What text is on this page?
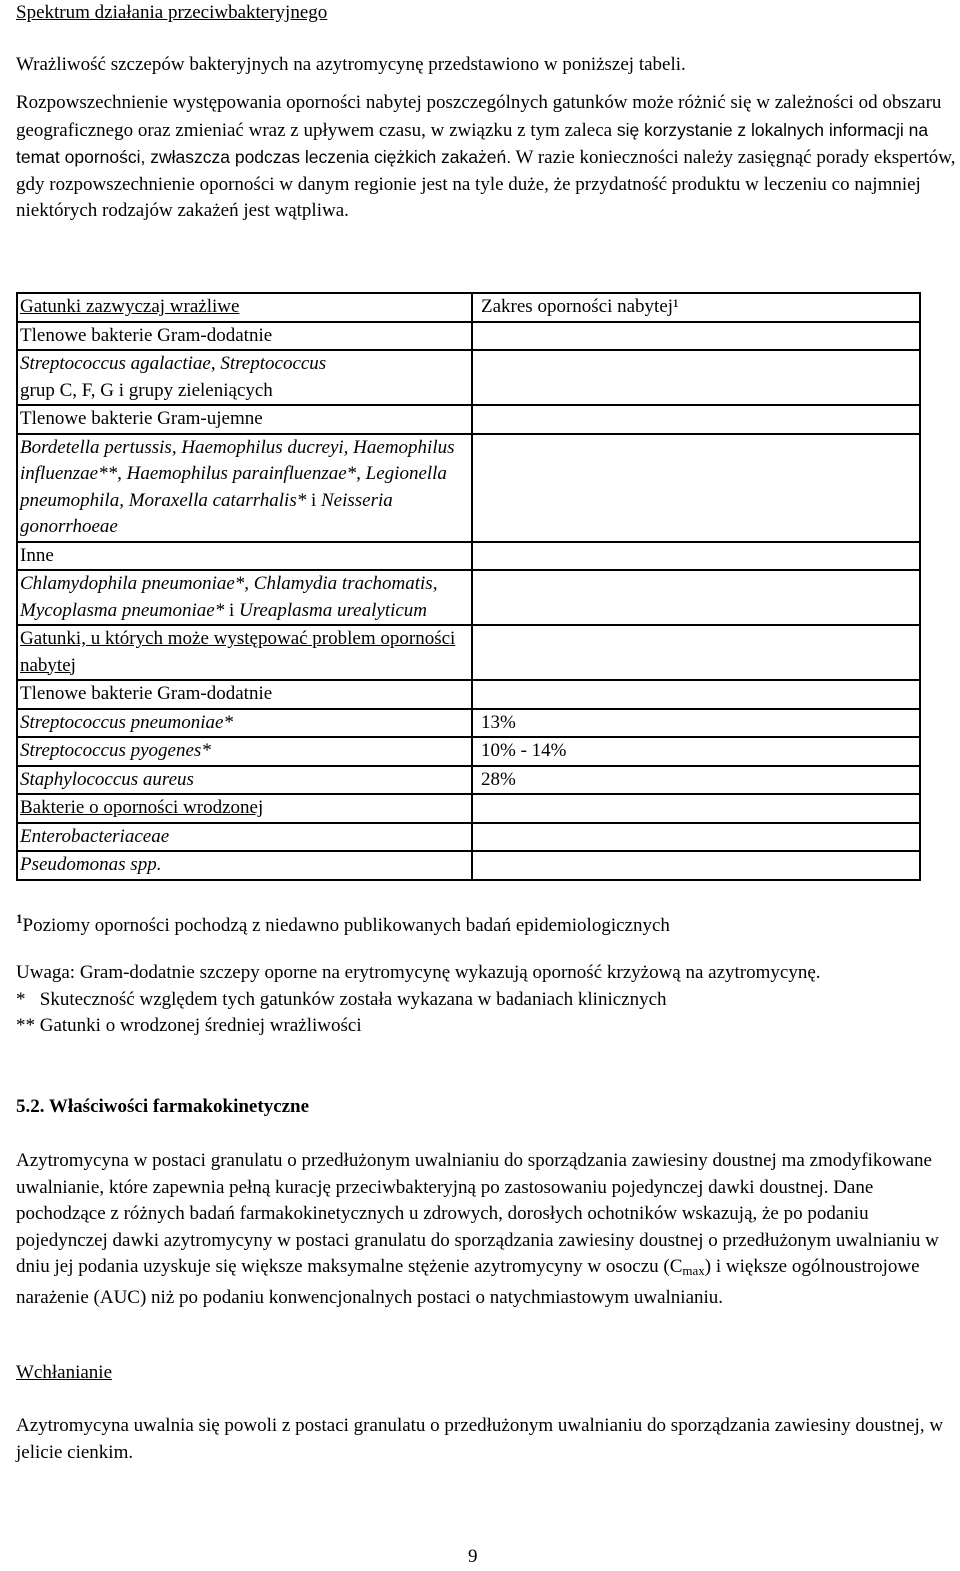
Spektrum działania przeciwbakteryjnego

Wrażliwość szczepów bakteryjnych na azytromycynę przedstawiono w poniższej tabeli.

Rozpowszechnienie występowania oporności nabytej poszczególnych gatunków może różnić się w zależności od obszaru geograficznego oraz zmieniać wraz z upływem czasu, w związku z tym zaleca się korzystanie z lokalnych informacji na temat oporności, zwłaszcza podczas leczenia ciężkich zakażeń. W razie konieczności należy zasięgnąć porady ekspertów, gdy rozpowszechnienie oporności w danym regionie jest na tyle duże, że przydatność produktu w leczeniu co najmniej niektórych rodzajów zakażeń jest wątpliwa.

Gatunki zazwyczaj wrażliwe	Zakres oporności nabytej¹
Tlenowe bakterie Gram-dodatnie	
Streptococcus agalactiae, Streptococcus
grup C, F, G i grupy zieleniących	
Tlenowe bakterie Gram-ujemne	
Bordetella pertussis, Haemophilus ducreyi, Haemophilus influenzae**, Haemophilus parainfluenzae*, Legionella pneumophila, Moraxella catarrhalis* i Neisseria gonorrhoeae	
Inne	
Chlamydophila pneumoniae*, Chlamydia trachomatis, Mycoplasma pneumoniae* i Ureaplasma urealyticum	
Gatunki, u których może występować problem oporności nabytej	
Tlenowe bakterie Gram-dodatnie	
Streptococcus pneumoniae*	13%
Streptococcus pyogenes*	10% - 14%
Staphylococcus aureus	28%
Bakterie o oporności wrodzonej	
Enterobacteriaceae	
Pseudomonas spp.	

$^1$Poziomy oporności pochodzą z niedawno publikowanych badań epidemiologicznych

Uwaga: Gram-dodatnie szczepy oporne na erytromycynę wykazują oporność krzyżową na azytromycynę.

*   Skuteczność względem tych gatunków została wykazana w badaniach klinicznych

** Gatunki o wrodzonej średniej wrażliwości

5.2. Właściwości farmakokinetyczne

Azytromycyna w postaci granulatu o przedłużonym uwalnianiu do sporządzania zawiesiny doustnej ma zmodyfikowane uwalnianie, które zapewnia pełną kurację przeciwbakteryjną po zastosowaniu pojedynczej dawki doustnej. Dane pochodzące z różnych badań farmakokinetycznych u zdrowych, dorosłych ochotników wskazują, że po podaniu pojedynczej dawki azytromycyny w postaci granulatu do sporządzania zawiesiny doustnej o przedłużonym uwalnianiu w dniu jej podania uzyskuje się większe maksymalne stężenie azytromycyny w osoczu $(C_{max})$ i większe ogólnoustrojowe narażenie (AUC) niż po podaniu konwencjonalnych postaci o natychmiastowym uwalnianiu.

Wchłanianie

Azytromycyna uwalnia się powoli z postaci granulatu o przedłużonym uwalnianiu do sporządzania zawiesiny doustnej, w jelicie cienkim.

9
